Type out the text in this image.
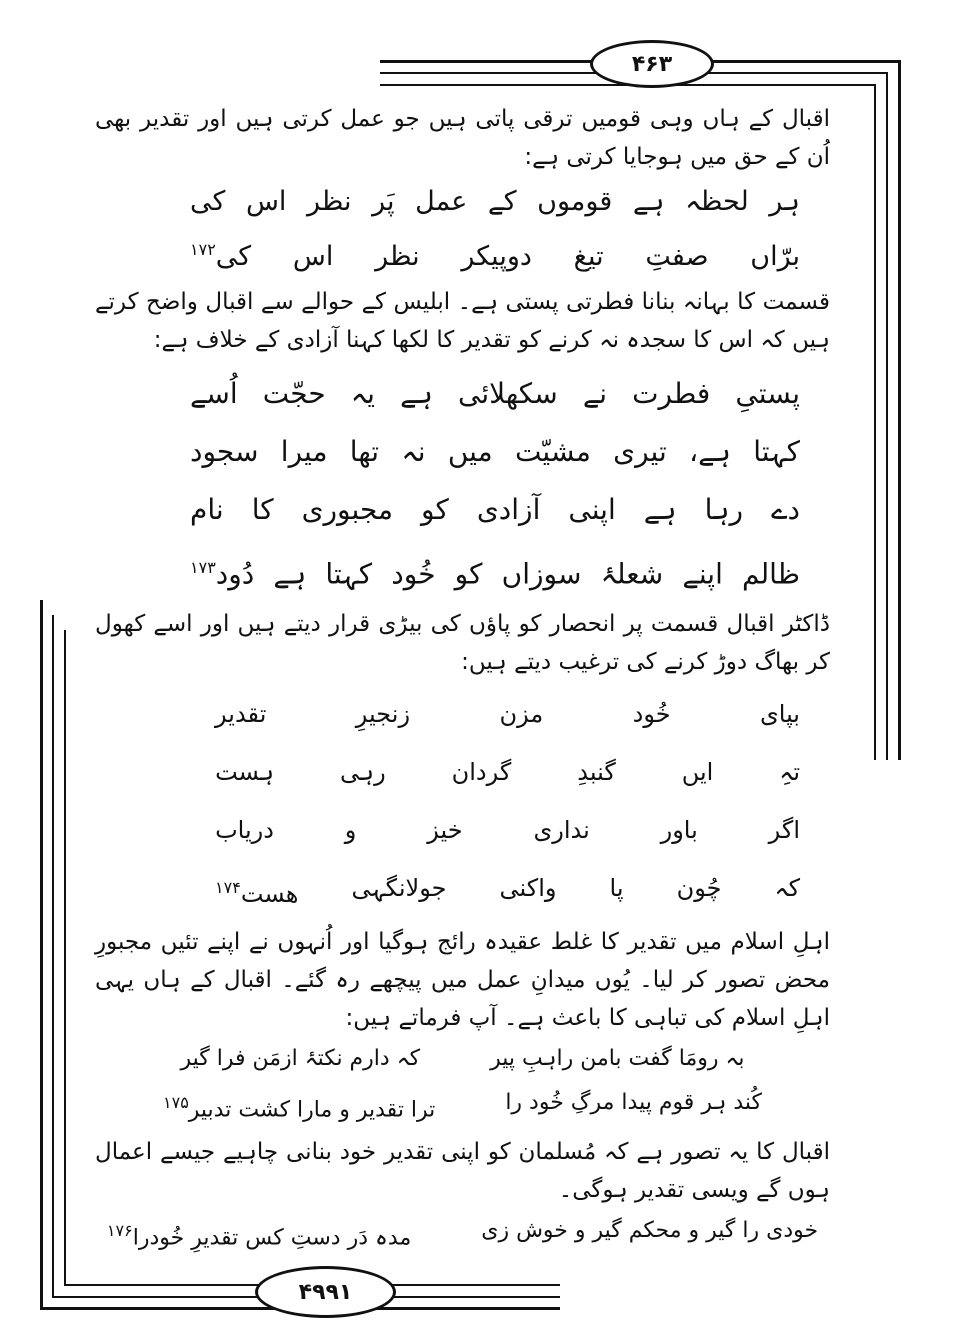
۴۶۳
۴۹۹۱

اقبال کے ہاں وہی قومیں ترقی پاتی ہیں جو عمل کرتی ہیں اور تقدیر بھی اُن کے حق میں ہوجایا کرتی ہے:

ہر لحظہ ہے قوموں کے عمل پَر نظر اس کی
برّاں صفتِ تیغ دوپیکر نظر اس کی$^{۱۷۲}$

قسمت کا بہانہ بنانا فطرتی پستی ہے۔ ابلیس کے حوالے سے اقبال واضح کرتے ہیں کہ اس کا سجدہ نہ کرنے کو تقدیر کا لکھا کہنا آزادی کے خلاف ہے:

پستیِ فطرت نے سکھلائی ہے یہ حجّت اُسے
کہتا ہے، تیری مشیّت میں نہ تھا میرا سجود
دے رہا ہے اپنی آزادی کو مجبوری کا نام
ظالم اپنے شعلۂ سوزاں کو خُود کہتا ہے دُود$^{۱۷۳}$

ڈاکٹر اقبال قسمت پر انحصار کو پاؤں کی بیڑی قرار دیتے ہیں اور اسے کھول کر بھاگ دوڑ کرنے کی ترغیب دیتے ہیں:

بپای
خُود
مزن
زنجیرِ
تقدیر
تہِ
ایں
گنبدِ
گردان
رہی
ہست
اگر
باور
نداری
خیز
و
دریاب
کہ
چُون
پا
واکنی
جولانگہی
هست$^{۱۷۴}$

اہلِ اسلام میں تقدیر کا غلط عقیدہ رائج ہوگیا اور اُنہوں نے اپنے تئیں مجبورِ محض تصور کر لیا۔ یُوں میدانِ عمل میں پیچھے رہ گئے۔ اقبال کے ہاں یہی اہلِ اسلام کی تباہی کا باعث ہے۔ آپ فرماتے ہیں:

بہ رومَا گفت بامن راہبِ پیر
کہ دارم نکتۂ ازمَن فرا گیر
کُند ہر قوم پیدا مرگِ خُود را
ترا تقدیر و مارا کشت تدبیر$^{۱۷۵}$

اقبال کا یہ تصور ہے کہ مُسلمان کو اپنی تقدیر خود بنانی چاہیے جیسے اعمال ہوں گے ویسی تقدیر ہوگی۔

خودی را گیر و محکم گیر و خوش زی
مدہ دَر دستِ کس تقدیرِ خُودرا$^{۱۷۶}$
